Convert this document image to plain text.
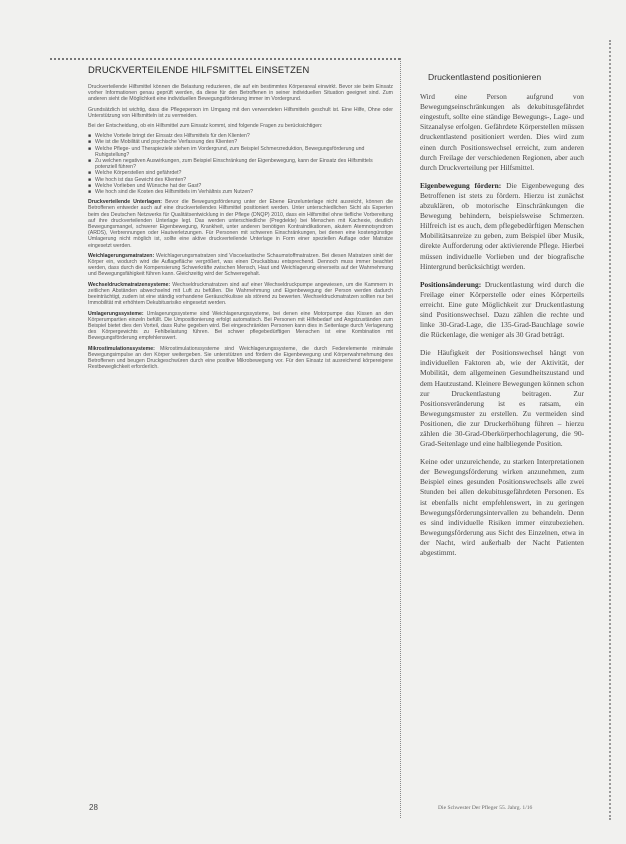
DRUCKVERTEILENDE HILFSMITTEL EINSETZEN

Druckverteilende Hilfsmittel können die Belastung reduzieren, die auf ein bestimmtes Körperareal einwirkt. Bevor sie beim Einsatz vorher Informationen genau geprüft werden, da diese für den Betroffenen in seiner individuellen Situation geeignet sind. Zum anderen sieht die Möglichkeit eine individuellen Bewegungsförderung immer im Vordergrund.

Grundsätzlich ist wichtig, dass die Pflegeperson im Umgang mit den verwendeten Hilfsmitteln geschult ist. Eine Hilfe, Ohne oder Unterstützung von Hilfsmitteln ist zu vermeiden.

Bei der Entscheidung, ob ein Hilfsmittel zum Einsatz kommt, sind folgende Fragen zu berücksichtigen:

■ Welche Vorteile bringt der Einsatz des Hilfsmittels für den Klienten?
■ Wie ist die Mobilität und psychische Verfassung des Klienten?
■ Welche Pflege- und Therapieziele stehen im Vordergrund, zum Beispiel Schmerzreduktion, Bewegungsförderung und Ruhigstellung?
■ Zu welchen negativen Auswirkungen, zum Beispiel Einschränkung der Eigenbewegung, kann der Einsatz des Hilfsmittels potenziell führen?
■ Welche Körperstellen sind gefährdet?
■ Wie hoch ist das Gewicht des Klienten?
■ Welche Vorlieben und Wünsche hat der Gast?
■ Wie hoch sind die Kosten des Hilfsmittels im Verhältnis zum Nutzen?

Druckverteilende Unterlagen: Bevor die Bewegungsförderung unter der Ebene Einzelunterlage nicht ausreicht, können die Betroffenen entweder auch auf eine druckverteilendes Hilfsmittel positioniert werden. Unter unterschiedlichen Sicht als Experten beim des Deutschen Netzwerks für Qualitätsentwicklung in der Pflege (DNQP) 2010, dass ein Hilfsmittel ohne tiefliche Vorbereitung auf ihre druckverteilenden Unterlage legt. Das werden unterschiedliche (Pregdekte) bei Menschen mit Kachexie, deutlich Bewegungsmangel, schwerer Eigenbewegung, Krankheit, unter anderen benötigen Kontraindikationen, akutem Atemnotsyndrom (ARDS), Verbrennungen oder Hautverletzungen. Für Personen mit schweren Einschränkungen, bei denen eine kostengünstige Umlagerung nicht möglich ist, sollte eine aktive druckverteilende Unterlage in Form einer speziellen Auflage oder Matratze eingesetzt werden.

Weichlagerungsmatratzen: Weichlagerungsmatratzen sind Viscoelastische Schaumstoffmatratzen. Bei diesen Matratzen sinkt der Körper ein, wodurch wird die Auflagefläche vergrößert, was einen Druckabbau entsprechend. Dennoch muss immer beachtet werden, dass durch die Kompensierung Schwerkräfte zwischen Mensch, Haut und Weichlagerung einerseits auf der Wahrnehmung und Bewegungsfähigkeit führen kann. Gleichzeitig wird der Schweregehalt.

Wechseldruckmatratzensysteme: Wechseldruckmatratzen sind auf einer Wechseldruckpumpe angewiesen, um die Kammern in zeitlichen Abständen abwechselnd mit Luft zu befüllen. Die Wahrnehmung und Eigenbewegung der Person werden dadurch beeinträchtigt, zudem ist eine ständig vorhandene Geräuschkulisse als störend zu bewerten. Wechseldruckmatratzen sollten nur bei Immobilität mit erhöhtem Dekubitusrisiko eingesetzt werden.

Umlagerungssysteme: Umlagerungssysteme sind Weichlagerungssysteme, bei denen eine Motorpumpe das Kissen an den Körperumpartien einzeln befüllt. Die Umpositionierung erfolgt automatisch. Bei Personen mit Hilfebedarf und Angstzuständen zum Beispiel bietet dies den Vorteil, dass Ruhe gegeben wird. Bei eingeschränkten Personen kann dies in Seitenlage durch Verlagerung des Körpergewichts zu Fehlbelastung führen. Bei schwer pflegebedürftigen Menschen ist eine Kombination mit Bewegungsförderung empfehlenswert.

Mikrostimulationssysteme: Mikrostimulationssysteme sind Weichlagerungssysteme, die durch Federelemente minimale Bewegungsimpulse an den Körper weitergeben. Sie unterstützen und fördern die Eigenbewegung und Körperwahrnehmung des Betroffenen und beugen Druckgeschwüren durch eine positive Mikrobewegung vor. Für den Einsatz ist ausreichend körpereigene Restbeweglichkeit erforderlich.

Druckentlastend positionieren

Wird eine Person aufgrund von Bewegungseinschränkungen als dekubitusgefährdet eingestuft, sollte eine ständige Bewegungs-, Lage- und Sitzanalyse erfolgen. Gefährdete Körperstellen müssen druckentlastend positioniert werden. Dies wird zum einen durch Positionswechsel erreicht, zum anderen durch Freilage der verschiedenen Regionen, aber auch durch Druckverteilung per Hilfsmittel.

Eigenbewegung fördern: Die Eigenbewegung des Betroffenen ist stets zu fördern. Hierzu ist zunächst abzuklären, ob motorische Einschränkungen die Bewegung behindern, beispielsweise Schmerzen. Hilfreich ist es auch, dem pflegebedürftigen Menschen Mobilitätsanreize zu geben, zum Beispiel über Musik, direkte Aufforderung oder aktivierende Pflege. Hierbei müssen individuelle Vorlieben und der biografische Hintergrund berücksichtigt werden.

Positionsänderung: Druckentlastung wird durch die Freilage einer Körperstelle oder eines Körperteils erreicht. Eine gute Möglichkeit zur Druckentlastung sind Positionswechsel. Dazu zählen die rechte und linke 30-Grad-Lage, die 135-Grad-Bauchlage sowie die Rückenlage, die weniger als 30 Grad beträgt.

Die Häufigkeit der Positionswechsel hängt von individuellen Faktoren ab, wie der Aktivität, der Mobilität, dem allgemeinen Gesundheitszustand und dem Hautzustand. Kleinere Bewegungen können schon zur Druckentlastung beitragen. Zur Positionsveränderung ist es ratsam, ein Bewegungsmuster zu erstellen. Zu vermeiden sind Positionen, die zur Druckerhöhung führen – hierzu zählen die 30-Grad-Oberkörperhochlagerung, die 90-Grad-Seitenlage und eine halbliegende Position.

Keine oder unzureichende, zu starken Interpretationen der Bewegungsförderung wirken anzunehmen, zum Beispiel eines gesunden Positionswechsels alle zwei Stunden bei allen dekubitusgefährdeten Personen. Es ist ebenfalls nicht empfehlenswert, in zu geringen Bewegungsförderungsintervallen zu behandeln. Denn es sind individuelle Risiken immer einzubeziehen. Bewegungsförderung aus Sicht des Einzelnen, etwa in der Nacht, wird außerhalb der Nacht Patienten abgestimmt.

28	Die Schwester Der Pfleger 55. Jahrg. 1/16
